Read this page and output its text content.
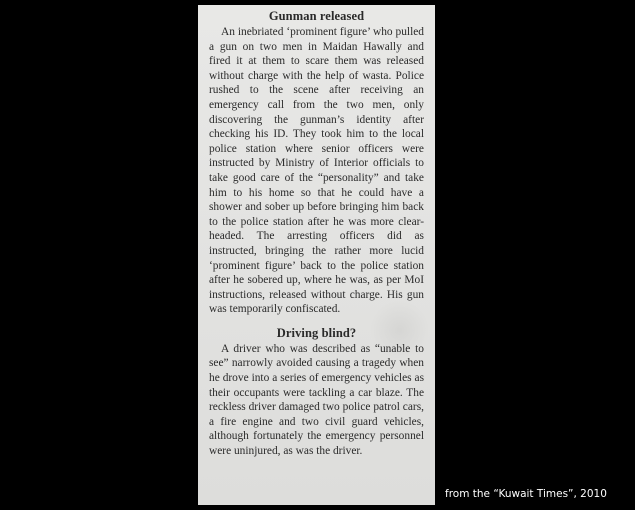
Gunman released

An inebriated ‘prominent figure’ who pulled a gun on two men in Maidan Hawally and fired it at them to scare them was released without charge with the help of wasta. Police rushed to the scene after receiving an emergency call from the two men, only discovering the gunman’s identity after checking his ID. They took him to the local police station where senior officers were instructed by Ministry of Interior officials to take good care of the “personality” and take him to his home so that he could have a shower and sober up before bringing him back to the police station after he was more clear-headed. The arresting officers did as instructed, bringing the rather more lucid ‘prominent figure’ back to the police station after he sobered up, where he was, as per MoI instructions, released without charge. His gun was temporarily confiscated.

Driving blind?

A driver who was described as “unable to see” narrowly avoided causing a tragedy when he drove into a series of emergency vehicles as their occupants were tackling a car blaze. The reckless driver damaged two police patrol cars, a fire engine and two civil guard vehicles, although fortunately the emergency personnel were uninjured, as was the driver.

from the “Kuwait Times”, 2010
